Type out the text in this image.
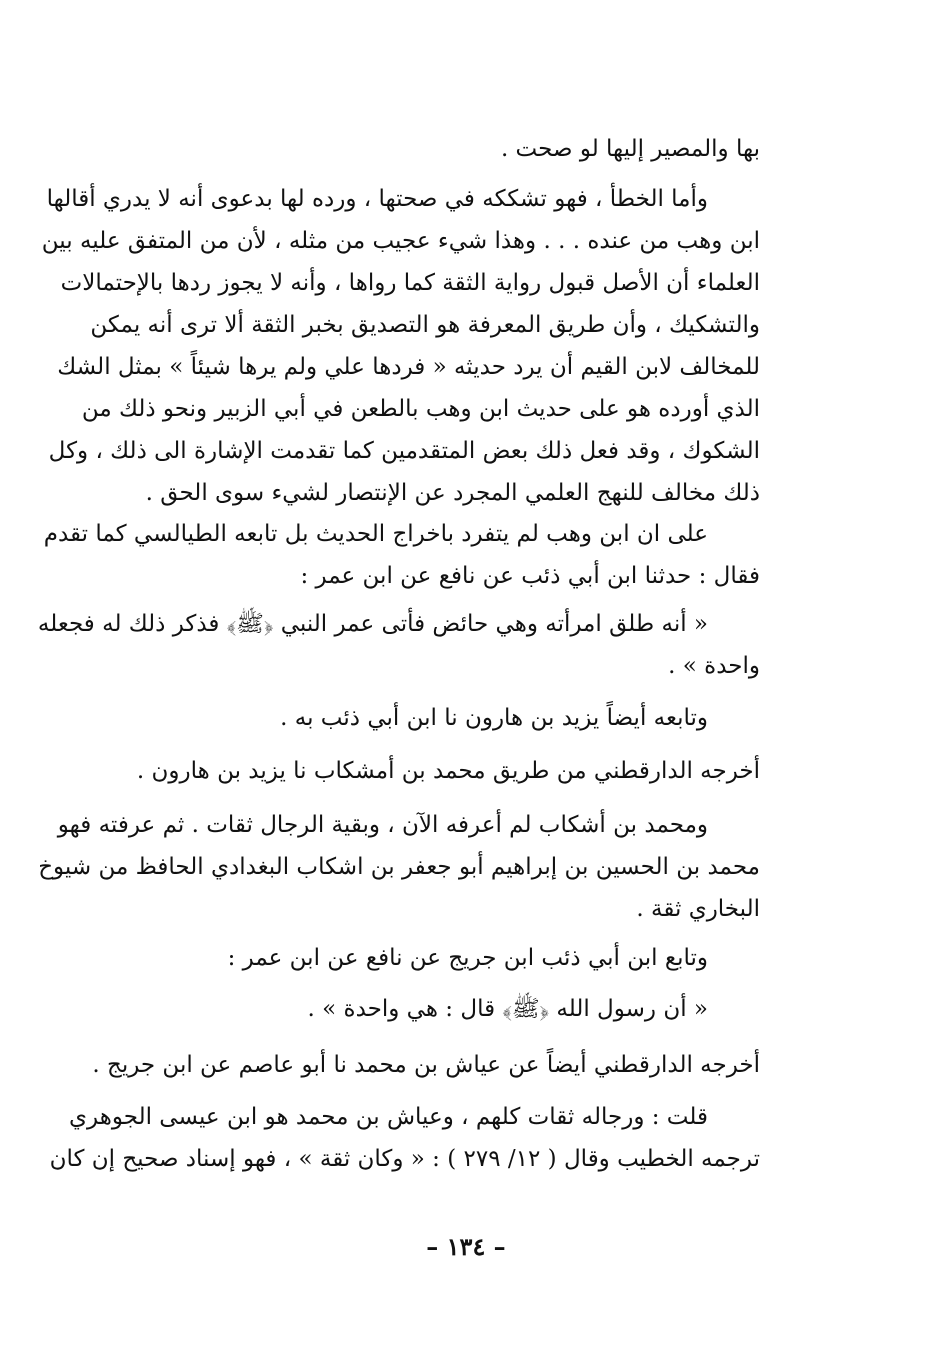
بها والمصير إليها لو صحت .

وأما الخطأ ، فهو تشككه في صحتها ، ورده لها بدعوى أنه لا يدري أقالها
ابن وهب من عنده . . . وهذا شيء عجيب من مثله ، لأن من المتفق عليه بين
العلماء أن الأصل قبول رواية الثقة كما رواها ، وأنه لا يجوز ردها بالإحتمالات
والتشكيك ، وأن طريق المعرفة هو التصديق بخبر الثقة ألا ترى أنه يمكن
للمخالف لابن القيم أن يرد حديثه « فردها علي ولم يرها شيئاً » بمثل الشك
الذي أورده هو على حديث ابن وهب بالطعن في أبي الزبير ونحو ذلك من
الشكوك ، وقد فعل ذلك بعض المتقدمين كما تقدمت الإشارة الى ذلك ، وكل
ذلك مخالف للنهج العلمي المجرد عن الإنتصار لشيء سوى الحق .

على ان ابن وهب لم يتفرد باخراج الحديث بل تابعه الطيالسي كما تقدم
فقال : حدثنا ابن أبي ذئب عن نافع عن ابن عمر :

« أنه طلق امرأته وهي حائض فأتى عمر النبي ﴿ﷺ﴾ فذكر ذلك له فجعله
واحدة » .

وتابعه أيضاً يزيد بن هارون نا ابن أبي ذئب به .

أخرجه الدارقطني من طريق محمد بن أمشكاب نا يزيد بن هارون .

ومحمد بن أشكاب لم أعرفه الآن ، وبقية الرجال ثقات . ثم عرفته فهو
محمد بن الحسين بن إبراهيم أبو جعفر بن اشكاب البغدادي الحافظ من شيوخ
البخاري ثقة .

وتابع ابن أبي ذئب ابن جريج عن نافع عن ابن عمر :

« أن رسول الله ﴿ﷺ﴾ قال : هي واحدة » .

أخرجه الدارقطني أيضاً عن عياش بن محمد نا أبو عاصم عن ابن جريج .

قلت : ورجاله ثقات كلهم ، وعياش بن محمد هو ابن عيسى الجوهري
ترجمه الخطيب وقال ( ١٢/ ٢٧٩ ) : « وكان ثقة » ، فهو إسناد صحيح إن كان

– ١٣٤ –
